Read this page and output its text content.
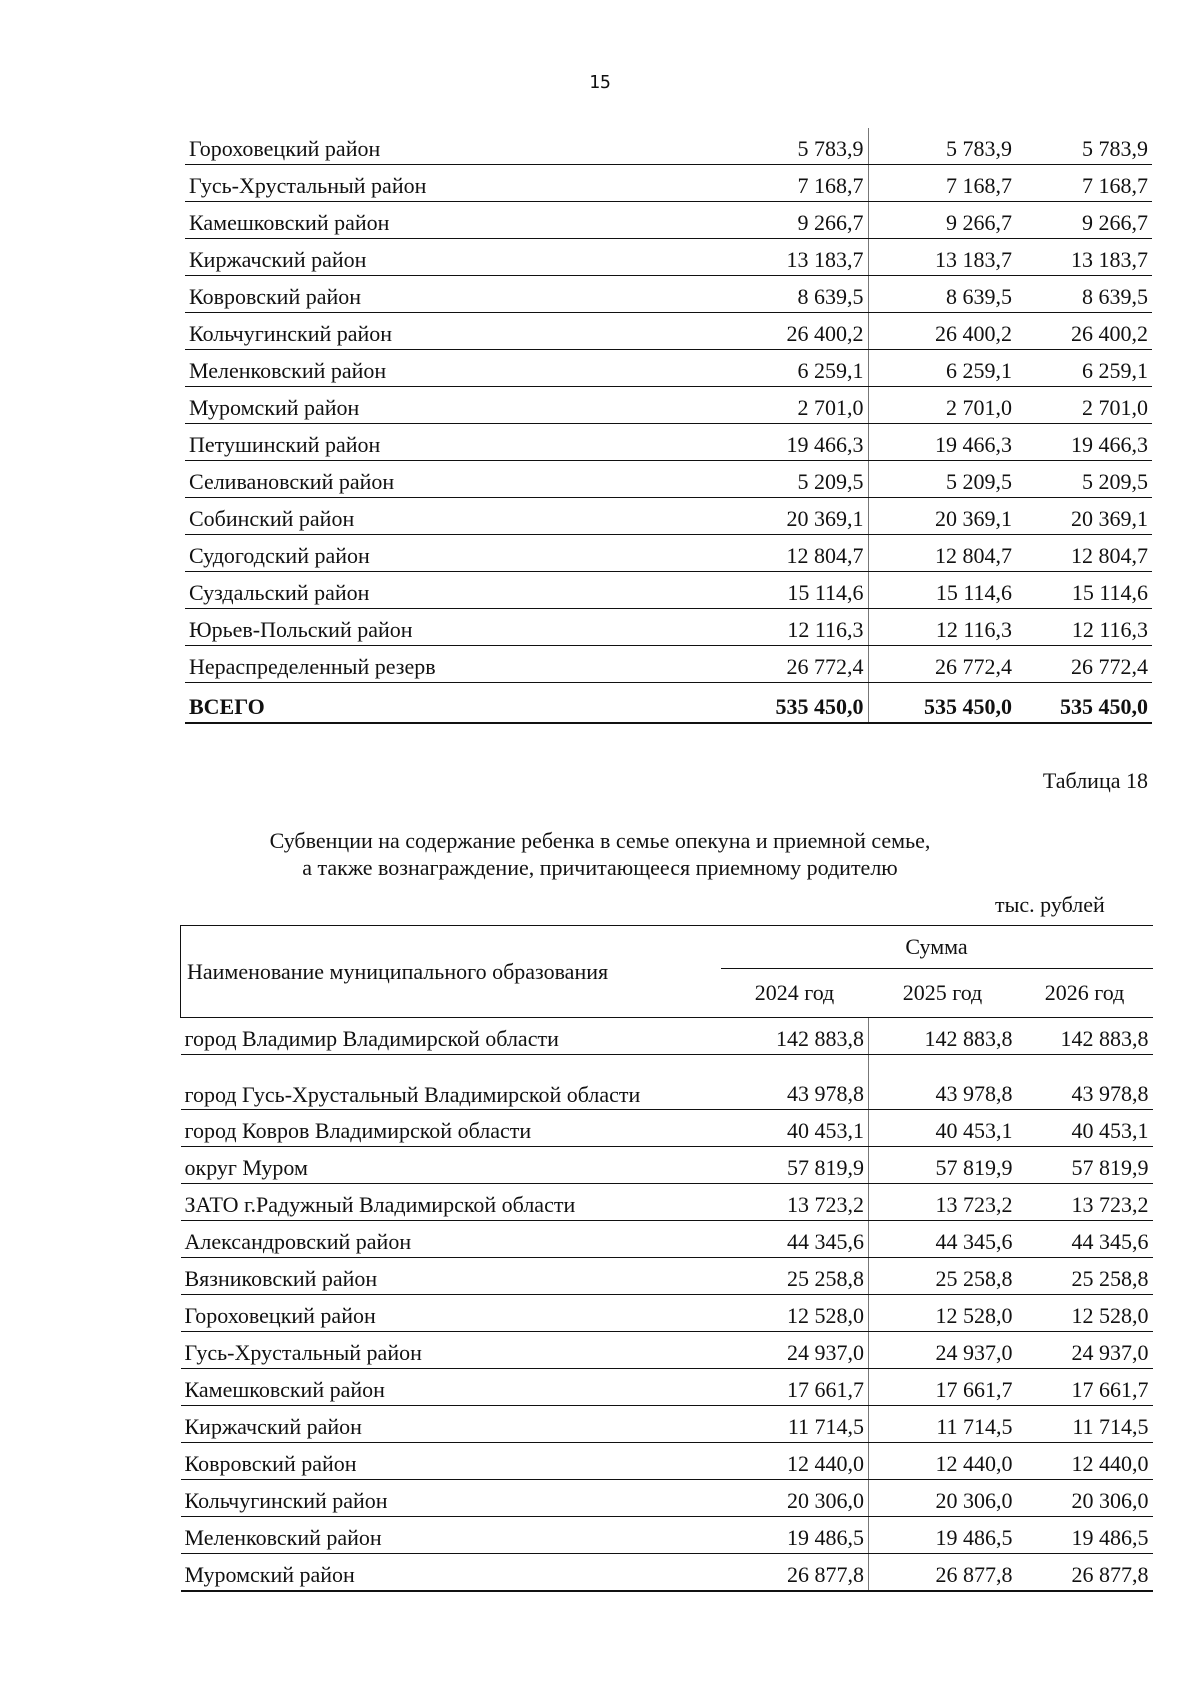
15
Гороховецкий район	5 783,9	5 783,9	5 783,9
Гусь-Хрустальный район	7 168,7	7 168,7	7 168,7
Камешковский район	9 266,7	9 266,7	9 266,7
Киржачский район	13 183,7	13 183,7	13 183,7
Ковровский район	8 639,5	8 639,5	8 639,5
Кольчугинский район	26 400,2	26 400,2	26 400,2
Меленковский район	6 259,1	6 259,1	6 259,1
Муромский район	2 701,0	2 701,0	2 701,0
Петушинский район	19 466,3	19 466,3	19 466,3
Селивановский район	5 209,5	5 209,5	5 209,5
Собинский район	20 369,1	20 369,1	20 369,1
Судогодский район	12 804,7	12 804,7	12 804,7
Суздальский район	15 114,6	15 114,6	15 114,6
Юрьев-Польский район	12 116,3	12 116,3	12 116,3
Нераспределенный резерв	26 772,4	26 772,4	26 772,4
ВСЕГО	535 450,0	535 450,0	535 450,0
Таблица 18
Субвенции на содержание ребенка в семье опекуна и приемной семье,
а также вознаграждение, причитающееся приемному родителю
тыс. рублей
Наименование муниципального образования	Сумма		
	2024 год	2025 год	2026 год
город Владимир Владимирской области	142 883,8	142 883,8	142 883,8
город Гусь-Хрустальный Владимирской области	43 978,8	43 978,8	43 978,8
город Ковров Владимирской области	40 453,1	40 453,1	40 453,1
округ Муром	57 819,9	57 819,9	57 819,9
ЗАТО г.Радужный Владимирской области	13 723,2	13 723,2	13 723,2
Александровский район	44 345,6	44 345,6	44 345,6
Вязниковский район	25 258,8	25 258,8	25 258,8
Гороховецкий район	12 528,0	12 528,0	12 528,0
Гусь-Хрустальный район	24 937,0	24 937,0	24 937,0
Камешковский район	17 661,7	17 661,7	17 661,7
Киржачский район	11 714,5	11 714,5	11 714,5
Ковровский район	12 440,0	12 440,0	12 440,0
Кольчугинский район	20 306,0	20 306,0	20 306,0
Меленковский район	19 486,5	19 486,5	19 486,5
Муромский район	26 877,8	26 877,8	26 877,8
